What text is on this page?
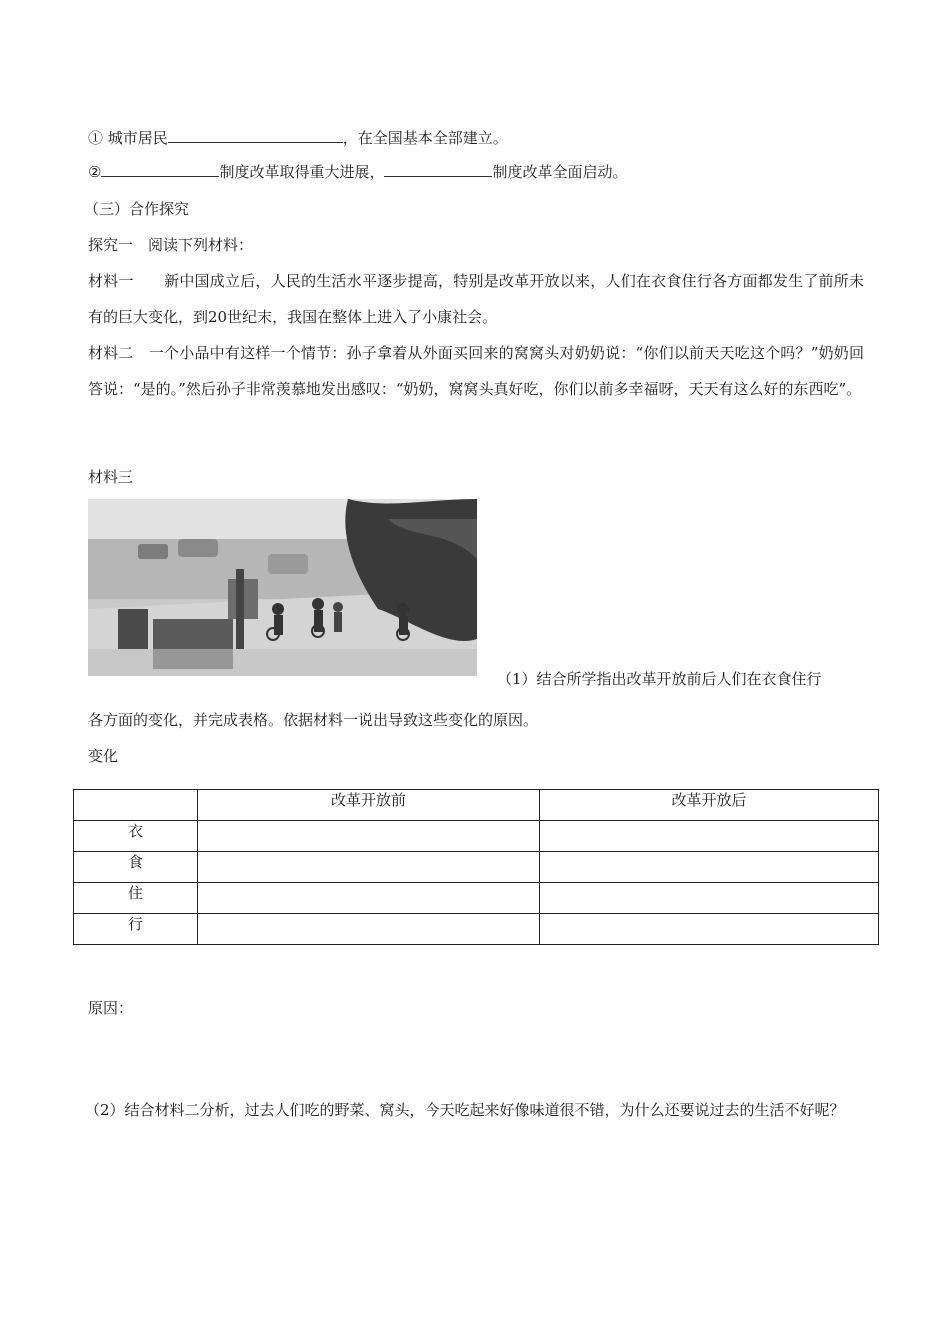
① 城市居民	，在全国基本全部建立。
②	制度改革取得重大进展，	制度改革全面启动。
（三）合作探究
探究一　阅读下列材料：
材料一　　新中国成立后，人民的生活水平逐步提高，特别是改革开放以来，人们在衣食住行各方面都发生了前所未有的巨大变化，到20世纪末，我国在整体上进入了小康社会。
材料二　一个小品中有这样一个情节：孙子拿着从外面买回来的窝窝头对奶奶说：“你们以前天天吃这个吗？”奶奶回答说：“是的。”然后孙子非常羡慕地发出感叹：“奶奶，窝窝头真好吃，你们以前多幸福呀，天天有这么好的东西吃”。
材料三
（1）结合所学指出改革开放前后人们在衣食住行
各方面的变化，并完成表格。依据材料一说出导致这些变化的原因。
变化
	改革开放前	改革开放后
衣		
食		
住		
行		
原因：
（2）结合材料二分析，过去人们吃的野菜、窝头，今天吃起来好像味道很不错，为什么还要说过去的生活不好呢？
